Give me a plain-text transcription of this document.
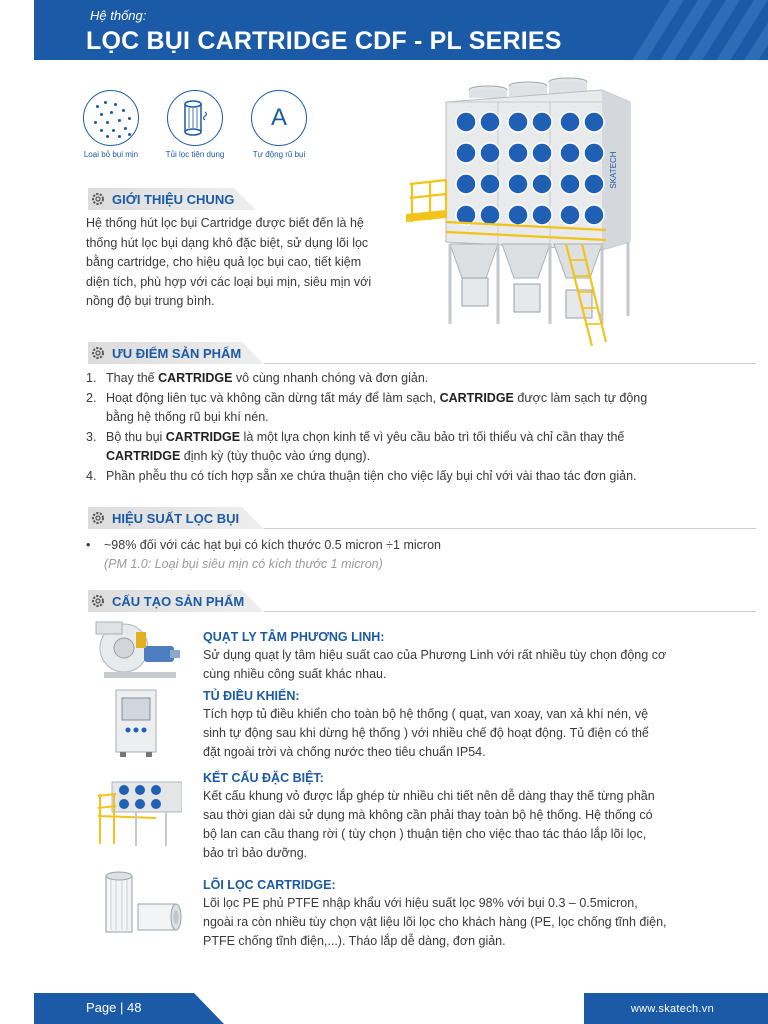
Hệ thống:
LỌC BỤI CARTRIDGE CDF - PL SERIES
Loại bỏ bụi mịn	Tủi lọc tiện dụng
A
Tự động rũ bụi	SKATECH
GIỚI THIỆU CHUNG
Hệ thống hút lọc bụi Cartridge được biết đến là hệ thống hút lọc bụi dạng khô đặc biệt, sử dụng lõi lọc bằng cartridge, cho hiệu quả lọc bụi cao, tiết kiệm diện tích, phù hợp với các loại bụi mịn, siêu mịn với nồng độ bụi trung bình.
ƯU ĐIỂM SẢN PHẨM
1. Thay thế CARTRIDGE vô cùng nhanh chóng và đơn giản.
2. Hoạt động liên tục và không cần dừng tất máy để làm sạch, CARTRIDGE được làm sạch tự động bằng hệ thống rũ bụi khí nén.
3. Bộ thu bụi CARTRIDGE là một lựa chọn kinh tế vì yêu cầu bảo trì tối thiểu và chỉ cần thay thế CARTRIDGE định kỳ (tùy thuộc vào ứng dụng).
4. Phần phễu thu có tích hợp sẵn xe chứa thuận tiện cho việc lấy bụi chỉ với vài thao tác đơn giản.
HIỆU SUẤT LỌC BỤI
• ~98% đối với các hạt bụi có kích thước 0.5 micron ÷1 micron
(PM 1.0: Loại bụi siêu mịn có kích thước 1 micron)
CẤU TẠO SẢN PHẨM
QUẠT LY TÂM PHƯƠNG LINH:
Sử dụng quạt ly tâm hiệu suất cao của Phương Linh với rất nhiều tùy chọn động cơ cùng nhiều công suất khác nhau.
TỦ ĐIỀU KHIỂN:
Tích hợp tủ điều khiển cho toàn bộ hệ thống ( quạt, van xoay, van xả khí nén, vệ sinh tự động sau khi dừng hệ thống ) với nhiều chế độ hoạt động. Tủ điện có thể đặt ngoài trời và chống nước theo tiêu chuẩn IP54.
KẾT CẤU ĐẶC BIỆT:
Kết cấu khung vỏ được lắp ghép từ nhiều chi tiết nên dễ dàng thay thế từng phần sau thời gian dài sử dụng mà không cần phải thay toàn bộ hệ thống. Hệ thống có bộ lan can cầu thang rời ( tùy chọn ) thuận tiện cho việc thao tác tháo lắp lõi lọc, bảo trì bảo dưỡng.
LÕI LỌC CARTRIDGE:
Lõi lọc PE phủ PTFE nhập khẩu với hiệu suất lọc 98% với bụi 0.3 – 0.5micron, ngoài ra còn nhiều tùy chọn vật liệu lõi lọc cho khách hàng (PE, lọc chống tĩnh điện, PTFE chống tĩnh điện,...). Tháo lắp dễ dàng, đơn giản.
Page | 48	www.skatech.vn
